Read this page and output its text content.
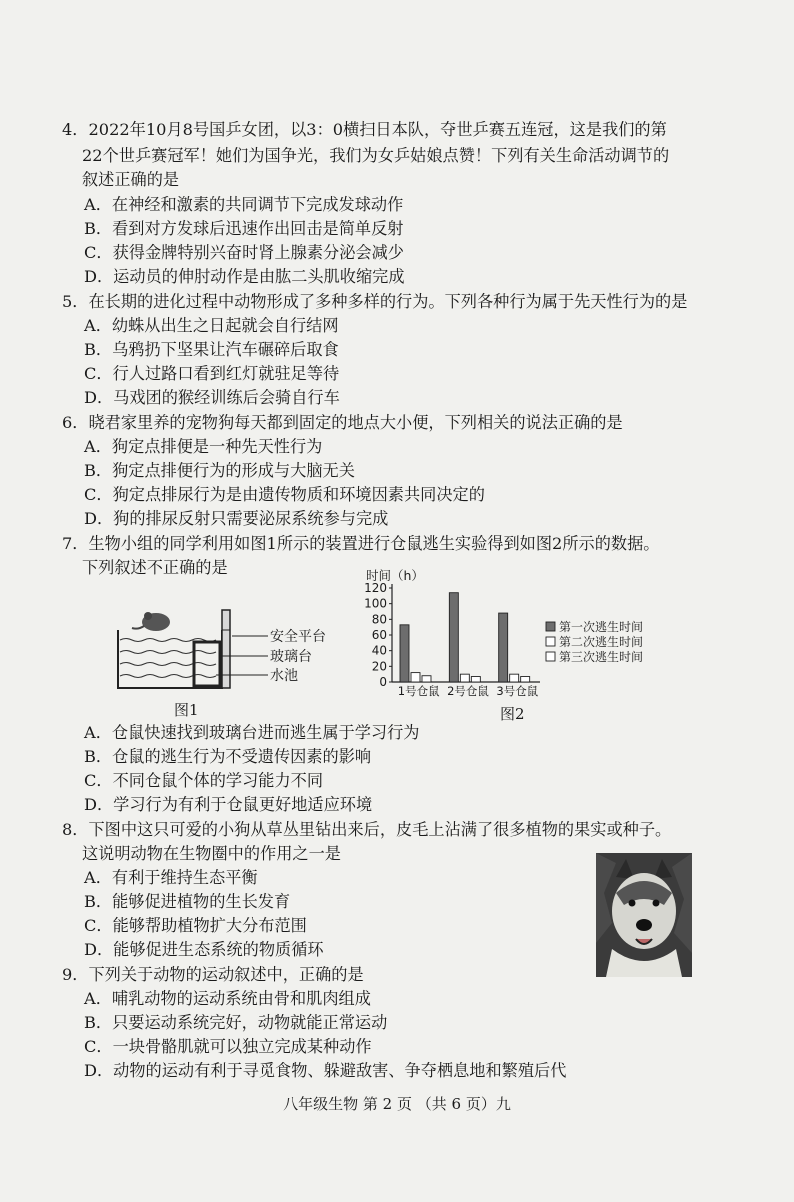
4．2022年10月8号国乒女团，以3：0横扫日本队，夺世乒赛五连冠，这是我们的第
22个世乒赛冠军！她们为国争光，我们为女乒姑娘点赞！下列有关生命活动调节的
叙述正确的是
A．在神经和激素的共同调节下完成发球动作
B．看到对方发球后迅速作出回击是简单反射
C．获得金牌特别兴奋时肾上腺素分泌会减少
D．运动员的伸肘动作是由肱二头肌收缩完成
5．在长期的进化过程中动物形成了多种多样的行为。下列各种行为属于先天性行为的是
A．幼蛛从出生之日起就会自行结网
B．乌鸦扔下坚果让汽车碾碎后取食
C．行人过路口看到红灯就驻足等待
D．马戏团的猴经训练后会骑自行车
6．晓君家里养的宠物狗每天都到固定的地点大小便，下列相关的说法正确的是
A．狗定点排便是一种先天性行为
B．狗定点排便行为的形成与大脑无关
C．狗定点排尿行为是由遗传物质和环境因素共同决定的
D．狗的排尿反射只需要泌尿系统参与完成
7．生物小组的同学利用如图1所示的装置进行仓鼠逃生实验得到如图2所示的数据。
下列叙述不正确的是
安全平台
玻璃台
水池
图1
时间（h）
0
20
40
60
80
100
120
1号仓鼠 2号仓鼠 3号仓鼠
第一次逃生时间
第二次逃生时间
第三次逃生时间
图2
A．仓鼠快速找到玻璃台进而逃生属于学习行为
B．仓鼠的逃生行为不受遗传因素的影响
C．不同仓鼠个体的学习能力不同
D．学习行为有利于仓鼠更好地适应环境
8．下图中这只可爱的小狗从草丛里钻出来后，皮毛上沾满了很多植物的果实或种子。
这说明动物在生物圈中的作用之一是
A．有利于维持生态平衡
B．能够促进植物的生长发育
C．能够帮助植物扩大分布范围
D．能够促进生态系统的物质循环
9．下列关于动物的运动叙述中，正确的是
A．哺乳动物的运动系统由骨和肌肉组成
B．只要运动系统完好，动物就能正常运动
C．一块骨骼肌就可以独立完成某种动作
D．动物的运动有利于寻觅食物、躲避敌害、争夺栖息地和繁殖后代
八年级生物 第 2 页 （共 6 页）九
